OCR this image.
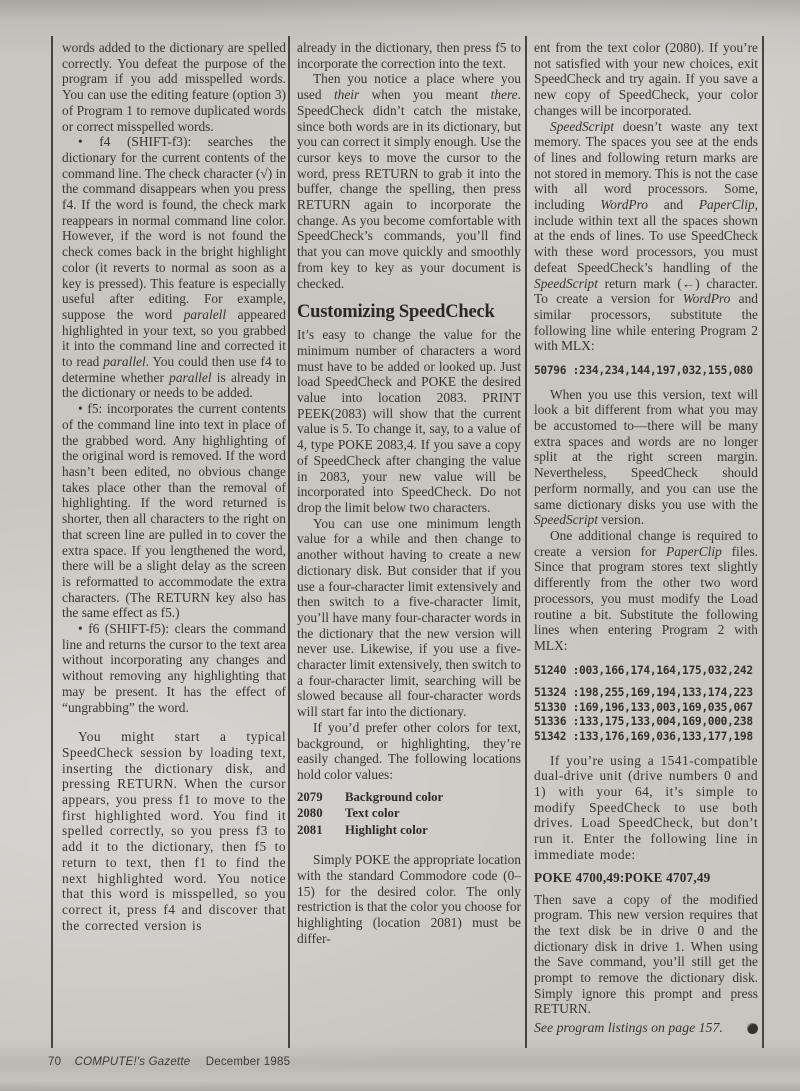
words added to the dictionary are spelled correctly. You defeat the purpose of the program if you add misspelled words. You can use the editing feature (option 3) of Program 1 to remove duplicated words or correct misspelled words.

• f4 (SHIFT-f3): searches the dictionary for the current contents of the command line. The check character (√) in the command disappears when you press f4. If the word is found, the check mark reappears in normal command line color. However, if the word is not found the check comes back in the bright highlight color (it reverts to normal as soon as a key is pressed). This feature is especially useful after editing. For example, suppose the word paralell appeared highlighted in your text, so you grabbed it into the command line and corrected it to read parallel. You could then use f4 to determine whether parallel is already in the dictionary or needs to be added.

• f5: incorporates the current contents of the command line into text in place of the grabbed word. Any highlighting of the original word is removed. If the word hasn’t been edited, no obvious change takes place other than the removal of highlighting. If the word returned is shorter, then all characters to the right on that screen line are pulled in to cover the extra space. If you lengthened the word, there will be a slight delay as the screen is reformatted to accommodate the extra characters. (The RETURN key also has the same effect as f5.)

• f6 (SHIFT-f5): clears the command line and returns the cursor to the text area without incorporating any changes and without removing any highlighting that may be present. It has the effect of “ungrabbing” the word.

You might start a typical SpeedCheck session by loading text, inserting the dictionary disk, and pressing RETURN. When the cursor appears, you press f1 to move to the first highlighted word. You find it spelled correctly, so you press f3 to add it to the dictionary, then f5 to return to text, then f1 to find the next highlighted word. You notice that this word is misspelled, so you correct it, press f4 and discover that the corrected version is

already in the dictionary, then press f5 to incorporate the correction into the text.

Then you notice a place where you used their when you meant there. SpeedCheck didn’t catch the mistake, since both words are in its dictionary, but you can correct it simply enough. Use the cursor keys to move the cursor to the word, press RETURN to grab it into the buffer, change the spelling, then press RETURN again to incorporate the change. As you become comfortable with SpeedCheck’s commands, you’ll find that you can move quickly and smoothly from key to key as your document is checked.

Customizing SpeedCheck

It’s easy to change the value for the minimum number of characters a word must have to be added or looked up. Just load SpeedCheck and POKE the desired value into location 2083. PRINT PEEK(2083) will show that the current value is 5. To change it, say, to a value of 4, type POKE 2083,4. If you save a copy of SpeedCheck after changing the value in 2083, your new value will be incorporated into SpeedCheck. Do not drop the limit below two characters.

You can use one minimum length value for a while and then change to another without having to create a new dictionary disk. But consider that if you use a four-character limit extensively and then switch to a five-character limit, you’ll have many four-character words in the dictionary that the new version will never use. Likewise, if you use a five-character limit extensively, then switch to a four-character limit, searching will be slowed because all four-character words will start far into the dictionary.

If you’d prefer other colors for text, background, or highlighting, they’re easily changed. The following locations hold color values:

2079	Background color
2080	Text color
2081	Highlight color

Simply POKE the appropriate location with the standard Commodore code (0–15) for the desired color. The only restriction is that the color you choose for highlighting (location 2081) must be differ-

ent from the text color (2080). If you’re not satisfied with your new choices, exit SpeedCheck and try again. If you save a new copy of SpeedCheck, your color changes will be incorporated.

SpeedScript doesn’t waste any text memory. The spaces you see at the ends of lines and following return marks are not stored in memory. This is not the case with all word processors. Some, including WordPro and PaperClip, include within text all the spaces shown at the ends of lines. To use SpeedCheck with these word processors, you must defeat SpeedCheck’s handling of the SpeedScript return mark (←) character. To create a version for WordPro and similar processors, substitute the following line while entering Program 2 with MLX:

50796 :234,234,144,197,032,155,080

When you use this version, text will look a bit different from what you may be accustomed to—there will be many extra spaces and words are no longer split at the right screen margin. Nevertheless, SpeedCheck should perform normally, and you can use the same dictionary disks you use with the SpeedScript version.

One additional change is required to create a version for PaperClip files. Since that program stores text slightly differently from the other two word processors, you must modify the Load routine a bit. Substitute the following lines when entering Program 2 with MLX:

51240 :003,166,174,164,175,032,242
51324 :198,255,169,194,133,174,223
51330 :169,196,133,003,169,035,067
51336 :133,175,133,004,169,000,238
51342 :133,176,169,036,133,177,198

If you’re using a 1541-compatible dual-drive unit (drive numbers 0 and 1) with your 64, it’s simple to modify SpeedCheck to use both drives. Load SpeedCheck, but don’t run it. Enter the following line in immediate mode:

POKE 4700,49:POKE 4707,49

Then save a copy of the modified program. This new version requires that the text disk be in drive 0 and the dictionary disk in drive 1. When using the Save command, you’ll still get the prompt to remove the dictionary disk. Simply ignore this prompt and press RETURN.

See program listings on page 157.
70 COMPUTE!'s Gazette December 1985
